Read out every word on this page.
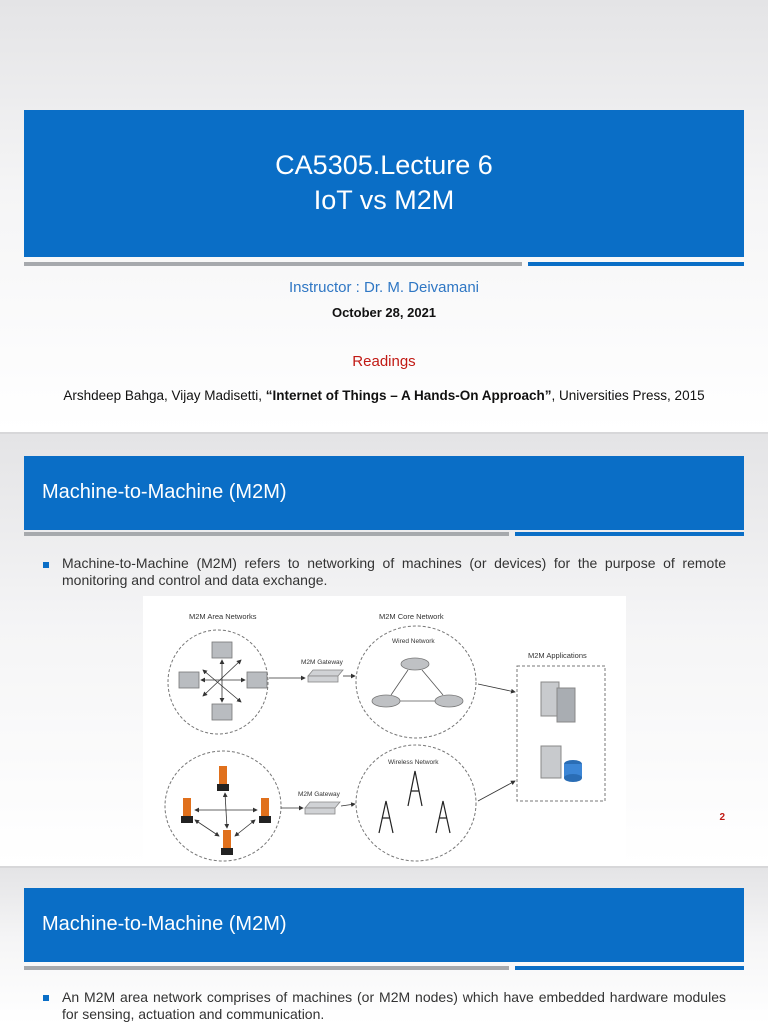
CA5305.Lecture 6
IoT vs M2M
Instructor : Dr. M. Deivamani
October 28, 2021
Readings
Arshdeep Bahga, Vijay Madisetti, “Internet of Things – A Hands-On Approach”, Universities Press, 2015
Machine-to-Machine (M2M)
Machine-to-Machine (M2M) refers to networking of machines (or devices) for the purpose of remote monitoring and control and data exchange.
M2M Area Networks	M2M Core Network
Wired Network
Wireless Network
M2M Gateway
M2M Gateway
M2M Applications
2
Machine-to-Machine (M2M)
An M2M area network comprises of machines (or M2M nodes) which have embedded hardware modules for sensing, actuation and communication.
